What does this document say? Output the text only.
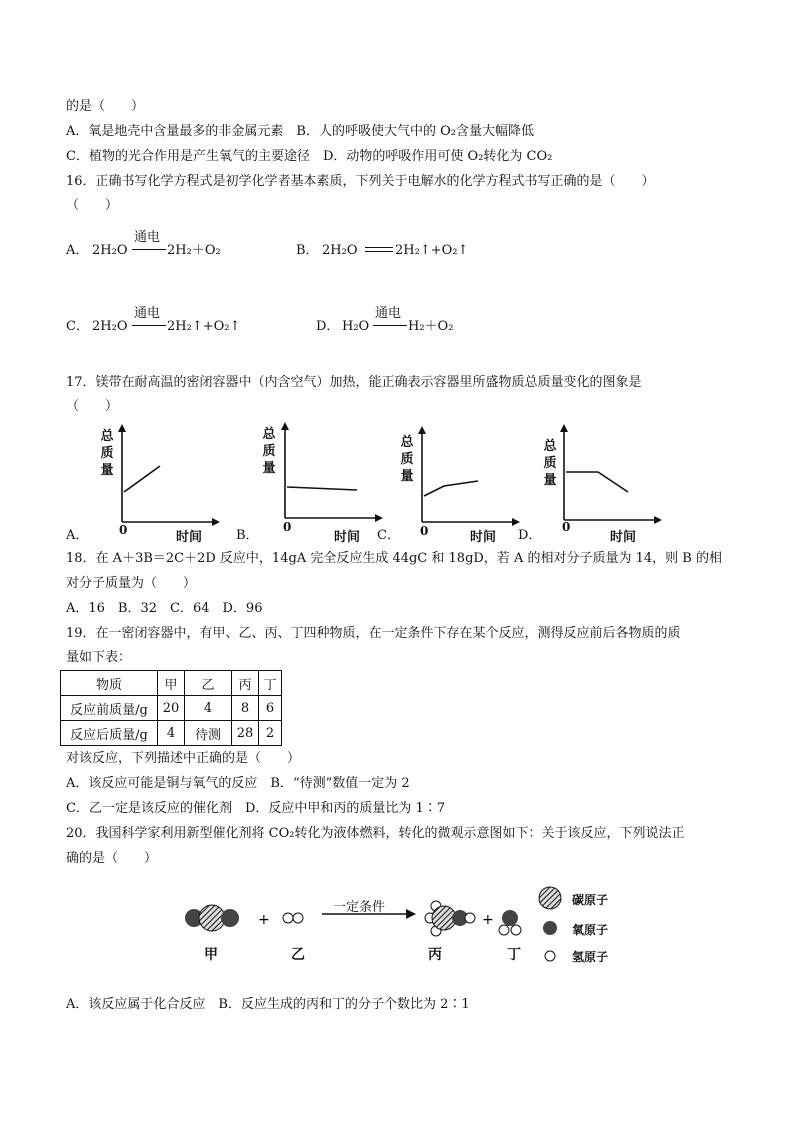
的是（　　）
A．氧是地壳中含量最多的非金属元素　B．人的呼吸使大气中的 O₂含量大幅降低
C．植物的光合作用是产生氧气的主要途径　D．动物的呼吸作用可使 O₂转化为 CO₂
16．正确书写化学方程式是初学化学者基本素质，下列关于电解水的化学方程式书写正确的是（　　）
（　　）
A． 2H₂O
通电
2H₂＋O₂	B． 2H₂O	2H₂↑+O₂↑
C． 2H₂O
通电
2H₂↑+O₂↑	D． H₂O
通电
H₂＋O₂
17．镁带在耐高温的密闭容器中（内含空气）加热，能正确表示容器里所盛物质总质量变化的图象是
（　　）
A．
总
质
量
0	时间	B．
总
质
量
0
时间 C．
总
质
量
0	时间 D．
总
质
量
0
时间
18．在 A＋3B＝2C＋2D 反应中，14gA 完全反应生成 44gC 和 18gD，若 A 的相对分子质量为 14，则 B 的相
对分子质量为（　　）
A．16　B．32　C．64　D．96
19．在一密闭容器中，有甲、乙、丙、丁四种物质，在一定条件下存在某个反应，测得反应前后各物质的质
量如下表：
物质	甲	乙	丙	丁
反应前质量/g	20	4	8	6
反应后质量/g	4	待测	28	2
对该反应，下列描述中正确的是（　　）
A．该反应可能是铜与氧气的反应　B．“待测”数值一定为 2
C．乙一定是该反应的催化剂　D．反应中甲和丙的质量比为 1∶7
20．我国科学家利用新型催化剂将 CO₂转化为液体燃料，转化的微观示意图如下：关于该反应，下列说法正
确的是（　　）
+	+
一定条件	碳原子
氧原子
氢原子
甲	乙	丙	丁
A．该反应属于化合反应　B．反应生成的丙和丁的分子个数比为 2∶1
